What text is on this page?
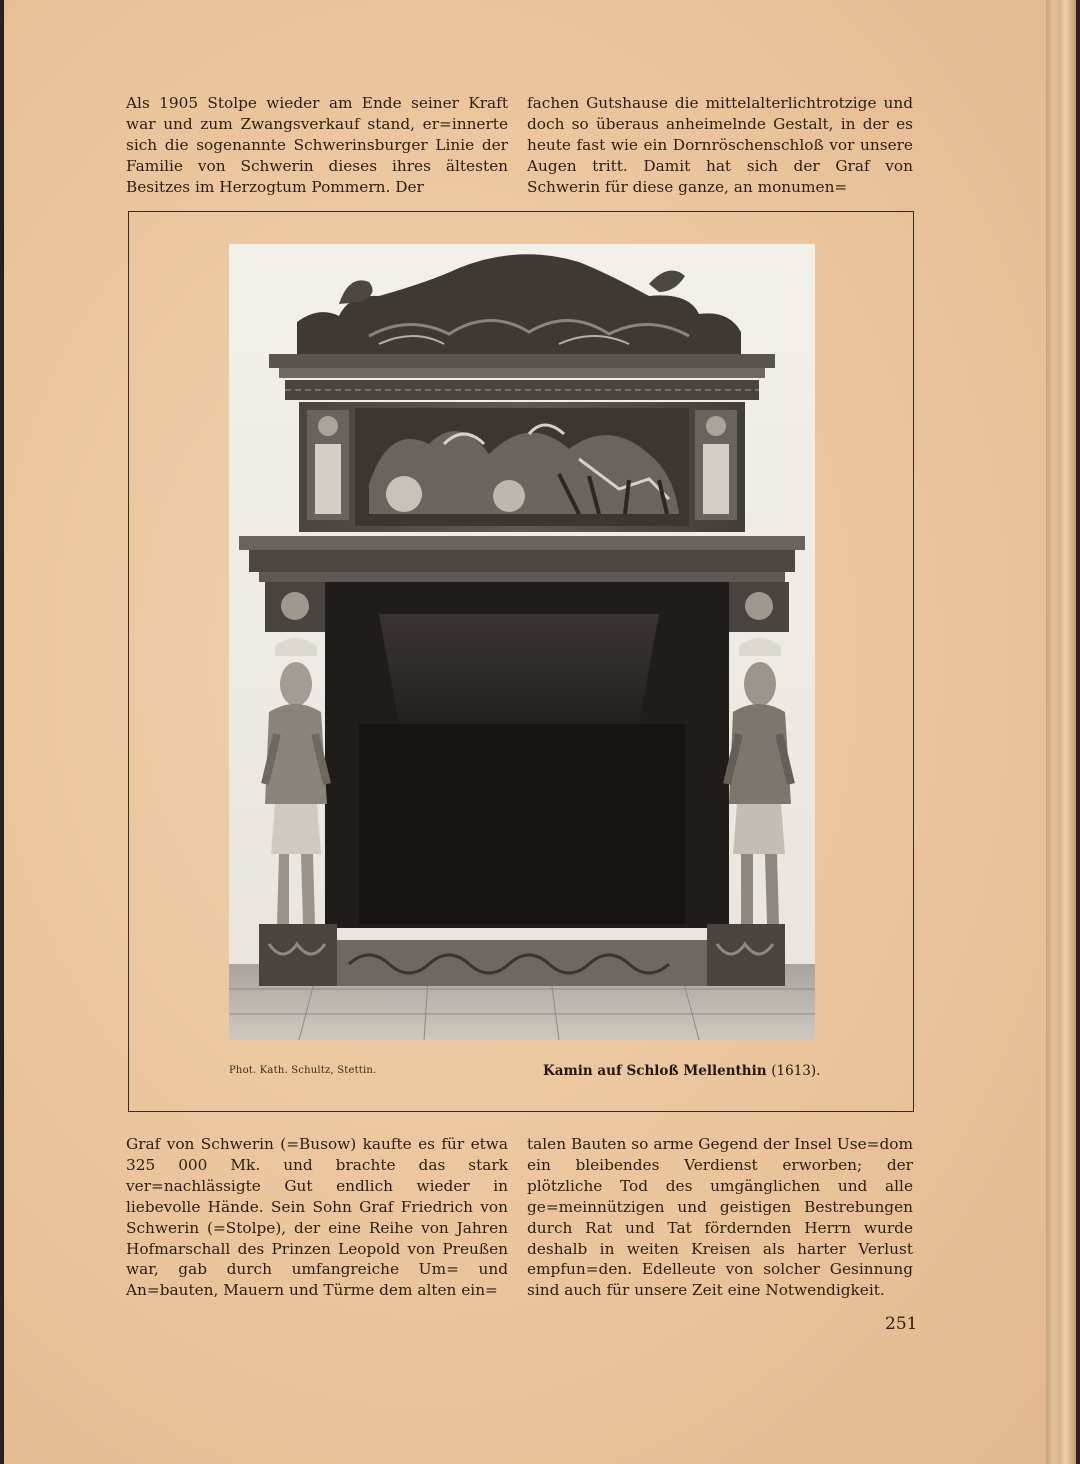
Als 1905 Stolpe wieder am Ende seiner Kraft war und zum Zwangsverkauf stand, er=innerte sich die sogenannte Schwerinsburger Linie der Familie von Schwerin dieses ihres ältesten Besitzes im Herzogtum Pommern. Der

fachen Gutshause die mittelalterlichtrotzige und doch so überaus anheimelnde Gestalt, in der es heute fast wie ein Dornröschenschloß vor unsere Augen tritt. Damit hat sich der Graf von Schwerin für diese ganze, an monumen=

Phot. Kath. Schultz, Stettin.	Kamin auf Schloß Mellenthin (1613).

Graf von Schwerin (=Busow) kaufte es für etwa 325 000 Mk. und brachte das stark ver=nachlässigte Gut endlich wieder in liebevolle Hände. Sein Sohn Graf Friedrich von Schwerin (=Stolpe), der eine Reihe von Jahren Hofmarschall des Prinzen Leopold von Preußen war, gab durch umfangreiche Um= und An=bauten, Mauern und Türme dem alten ein=

talen Bauten so arme Gegend der Insel Use=dom ein bleibendes Verdienst erworben; der plötzliche Tod des umgänglichen und alle ge=meinnützigen und geistigen Bestrebungen durch Rat und Tat fördernden Herrn wurde deshalb in weiten Kreisen als harter Verlust empfun=den. Edelleute von solcher Gesinnung sind auch für unsere Zeit eine Notwendigkeit.

251
